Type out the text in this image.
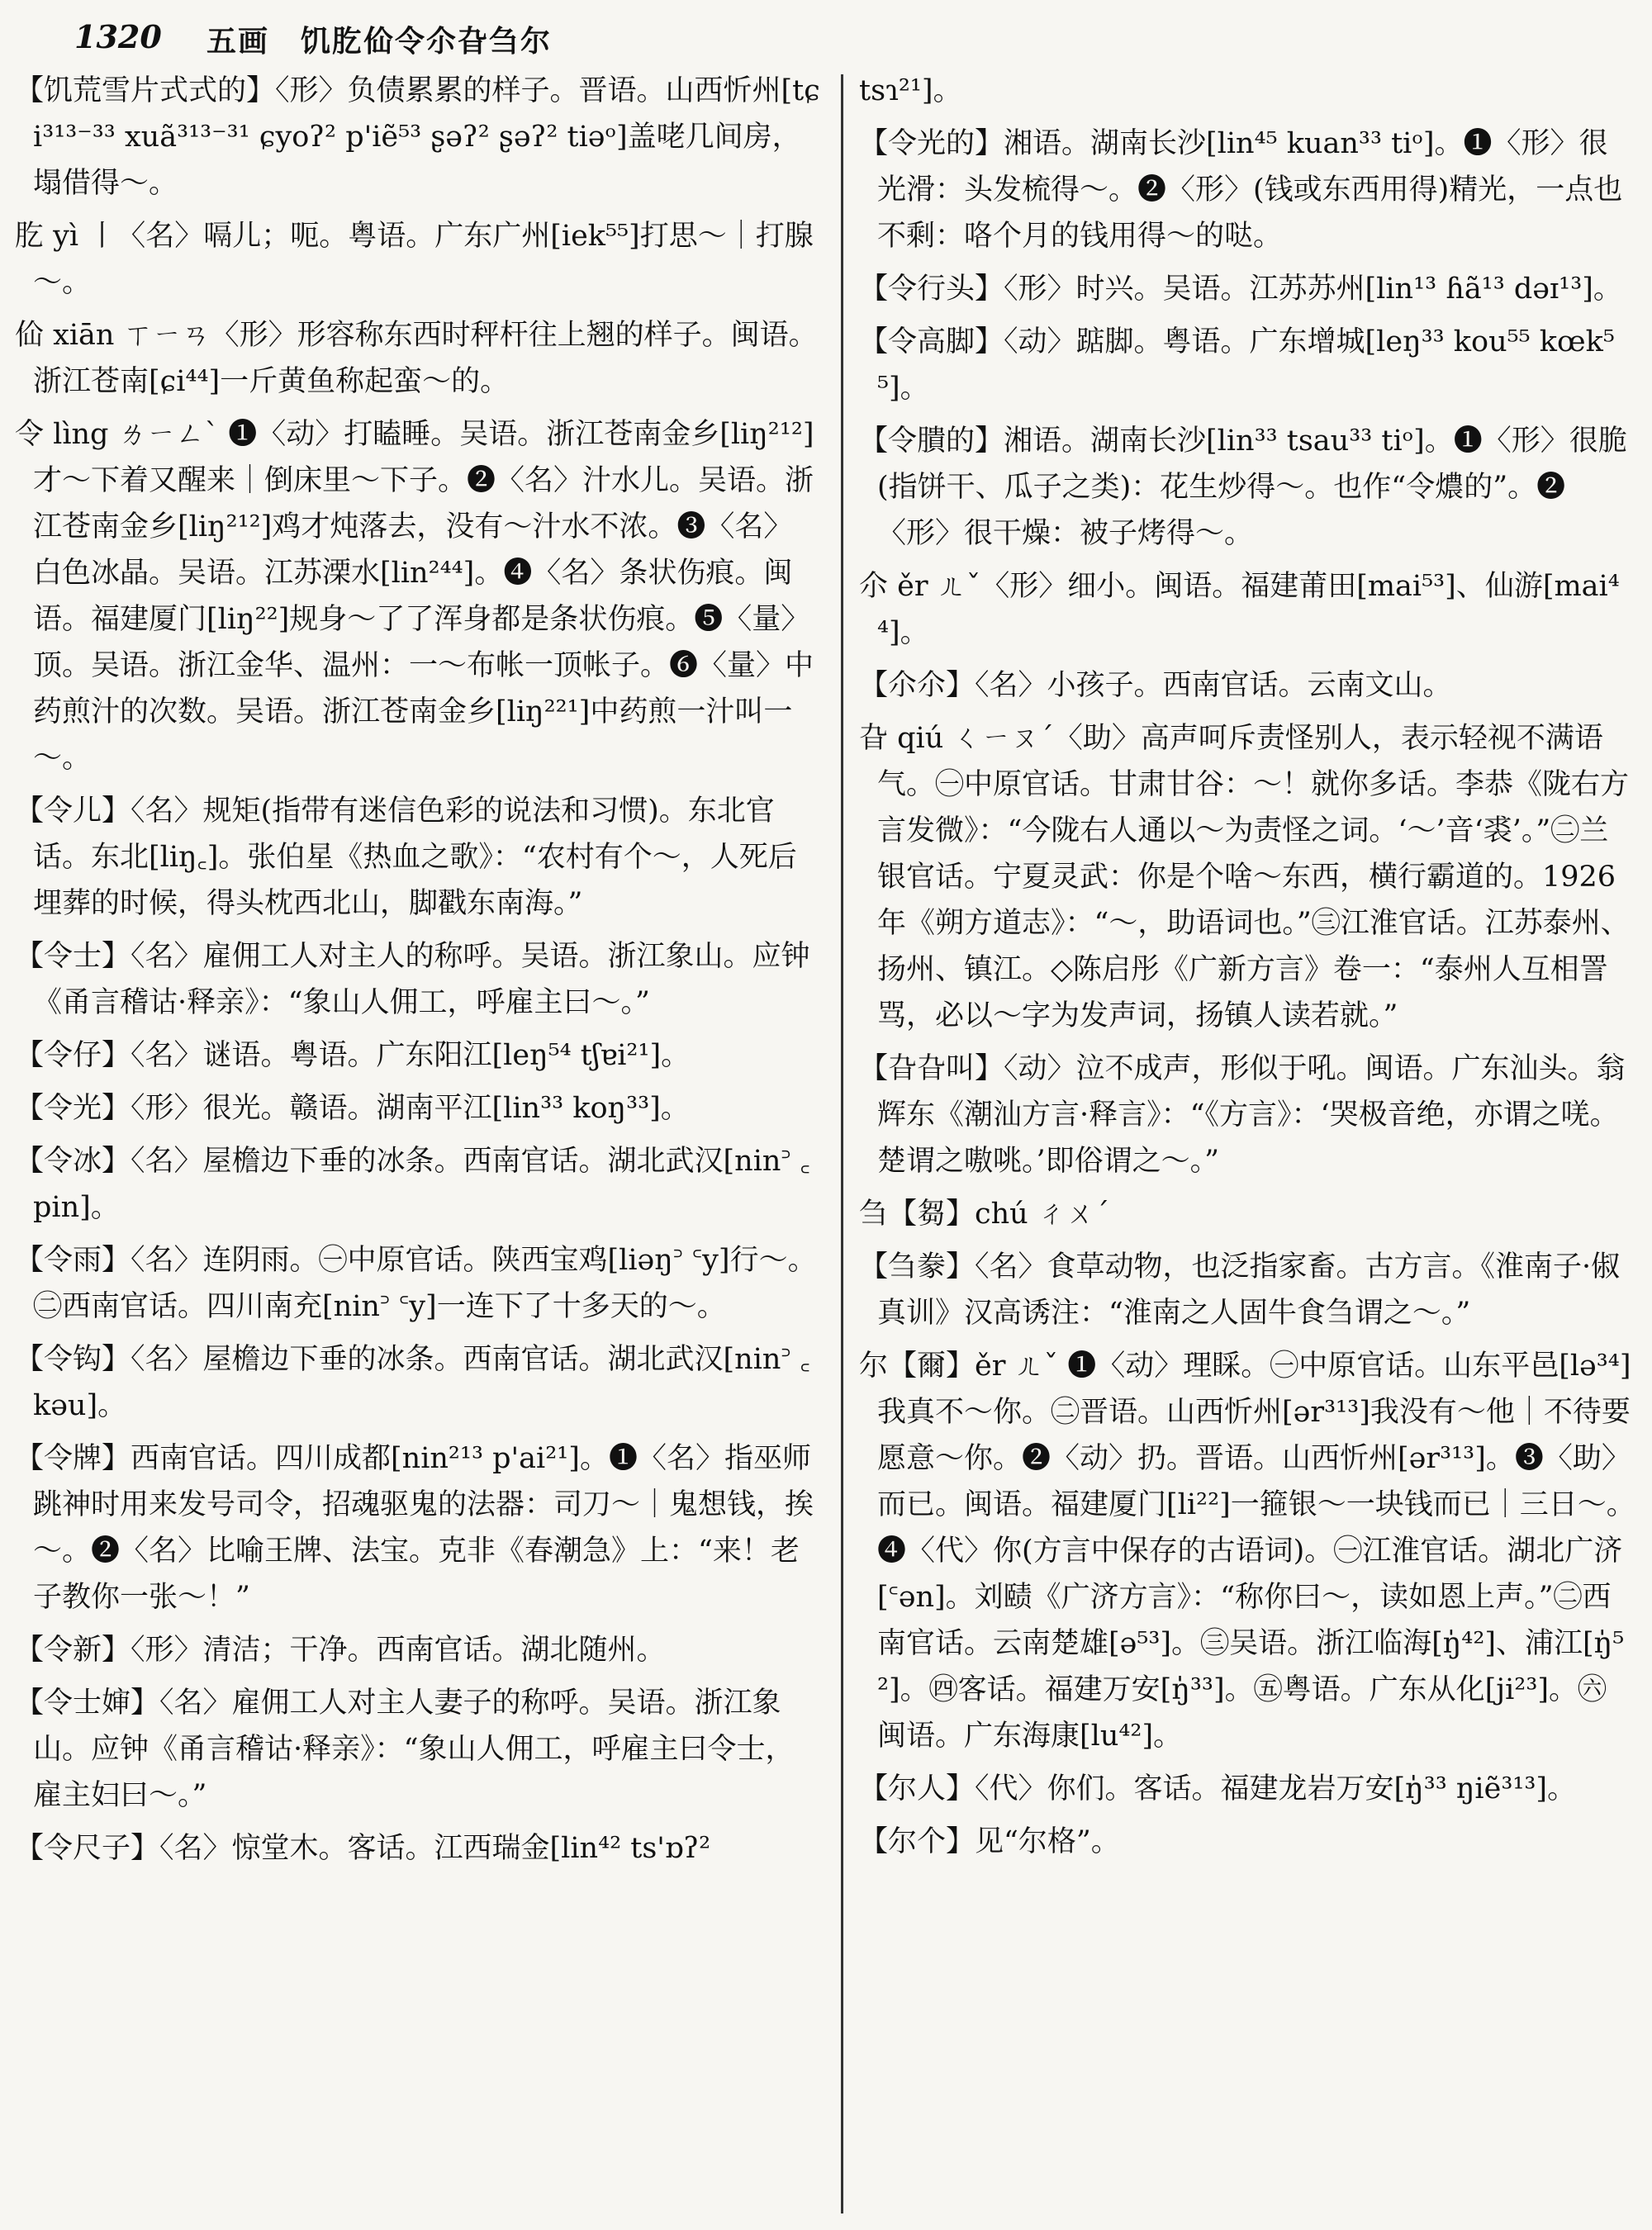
1320 五画　饥肐佡令尒旮刍尔

【饥荒雪片式式的】〈形〉负债累累的样子。晋语。山西忻州[tɕi³¹³⁻³³ xuã³¹³⁻³¹ ɕyoʔ² p'iẽ⁵³ ʂəʔ² ʂəʔ² tiəᵒ]盖咾几间房，塌借得～。

肐 yì 丨〈名〉嗝儿；呃。粤语。广东广州[iek⁵⁵]打思～｜打腺～。

佡 xiān ㄒㄧㄢ〈形〉形容称东西时秤杆往上翘的样子。闽语。浙江苍南[ɕi⁴⁴]一斤黄鱼称起蛮～的。

令 lìng ㄌㄧㄥˋ ❶〈动〉打瞌睡。吴语。浙江苍南金乡[liŋ²¹²]才～下着又醒来｜倒床里～下子。❷〈名〉汁水儿。吴语。浙江苍南金乡[liŋ²¹²]鸡才炖落去，没有～汁水不浓。❸〈名〉白色冰晶。吴语。江苏溧水[lin²⁴⁴]。❹〈名〉条状伤痕。闽语。福建厦门[liŋ²²]规身～了了浑身都是条状伤痕。❺〈量〉顶。吴语。浙江金华、温州：一～布帐一顶帐子。❻〈量〉中药煎汁的次数。吴语。浙江苍南金乡[liŋ²²¹]中药煎一汁叫一～。

【令儿】〈名〉规矩(指带有迷信色彩的说法和习惯)。东北官话。东北[liŋ꜀]。张伯星《热血之歌》：“农村有个～，人死后埋葬的时候，得头枕西北山，脚戳东南海。”

【令士】〈名〉雇佣工人对主人的称呼。吴语。浙江象山。应钟《甬言稽诂·释亲》：“象山人佣工，呼雇主曰～。”

【令仔】〈名〉谜语。粤语。广东阳江[leŋ⁵⁴ tʃɐi²¹]。

【令光】〈形〉很光。赣语。湖南平江[lin³³ koŋ³³]。

【令冰】〈名〉屋檐边下垂的冰条。西南官话。湖北武汉[nin꜄ ꜀pin]。

【令雨】〈名〉连阴雨。㊀中原官话。陕西宝鸡[liəŋ꜄ ꜂y]行～。㊁西南官话。四川南充[nin꜄ ꜂y]一连下了十多天的～。

【令钩】〈名〉屋檐边下垂的冰条。西南官话。湖北武汉[nin꜄ ꜀kəu]。

【令牌】西南官话。四川成都[nin²¹³ p'ai²¹]。❶〈名〉指巫师跳神时用来发号司令，招魂驱鬼的法器：司刀～｜鬼想钱，挨～。❷〈名〉比喻王牌、法宝。克非《春潮急》上：“来！老子教你一张～！”

【令新】〈形〉清洁；干净。西南官话。湖北随州。

【令士婶】〈名〉雇佣工人对主人妻子的称呼。吴语。浙江象山。应钟《甬言稽诂·释亲》：“象山人佣工，呼雇主曰令士，雇主妇曰～。”

【令尺子】〈名〉惊堂木。客话。江西瑞金[lin⁴² ts'ɒʔ²

tsɿ²¹]。

【令光的】湘语。湖南长沙[lin⁴⁵ kuan³³ tiᵒ]。❶〈形〉很光滑：头发梳得～。❷〈形〉(钱或东西用得)精光，一点也不剩：咯个月的钱用得～的哒。

【令行头】〈形〉时兴。吴语。江苏苏州[lin¹³ ɦã¹³ dəɪ¹³]。

【令高脚】〈动〉踮脚。粤语。广东增城[leŋ³³ kou⁵⁵ kœk⁵⁵]。

【令膭的】湘语。湖南长沙[lin³³ tsau³³ tiᵒ]。❶〈形〉很脆(指饼干、瓜子之类)：花生炒得～。也作“令燶的”。❷〈形〉很干燥：被子烤得～。

尒 ěr ㄦˇ〈形〉细小。闽语。福建莆田[mai⁵³]、仙游[mai⁴⁴]。

【尒尒】〈名〉小孩子。西南官话。云南文山。

旮 qiú ㄑㄧㄡˊ〈助〉高声呵斥责怪别人，表示轻视不满语气。㊀中原官话。甘肃甘谷：～！就你多话。李恭《陇右方言发微》：“今陇右人通以～为责怪之词。‘～’音‘裘’。”㊁兰银官话。宁夏灵武：你是个啥～东西，横行霸道的。1926年《朔方道志》：“～，助语词也。”㊂江淮官话。江苏泰州、扬州、镇江。◇陈启彤《广新方言》卷一：“泰州人互相詈骂，必以～字为发声词，扬镇人读若就。”

【旮旮叫】〈动〉泣不成声，形似于吼。闽语。广东汕头。翁辉东《潮汕方言·释言》：“《方言》：‘哭极音绝，亦谓之唴。楚谓之嗷咷。’即俗谓之～。”

刍【芻】chú ㄔㄨˊ

【刍豢】〈名〉食草动物，也泛指家畜。古方言。《淮南子·俶真训》汉高诱注：“淮南之人固牛食刍谓之～。”

尔【爾】ěr ㄦˇ ❶〈动〉理睬。㊀中原官话。山东平邑[lə³⁴]我真不～你。㊁晋语。山西忻州[ər³¹³]我没有～他｜不待要愿意～你。❷〈动〉扔。晋语。山西忻州[ər³¹³]。❸〈助〉而已。闽语。福建厦门[li²²]一箍银～一块钱而已｜三日～。❹〈代〉你(方言中保存的古语词)。㊀江淮官话。湖北广济[꜂ən]。刘赜《广济方言》：“称你曰～，读如恩上声。”㊁西南官话。云南楚雄[ə⁵³]。㊂吴语。浙江临海[ŋ̍⁴²]、浦江[ŋ̍⁵²]。㊃客话。福建万安[ŋ̍³³]。㊄粤语。广东从化[ji²³]。㊅闽语。广东海康[lu⁴²]。

【尔人】〈代〉你们。客话。福建龙岩万安[ŋ̍³³ ŋiẽ³¹³]。

【尔个】见“尔格”。
